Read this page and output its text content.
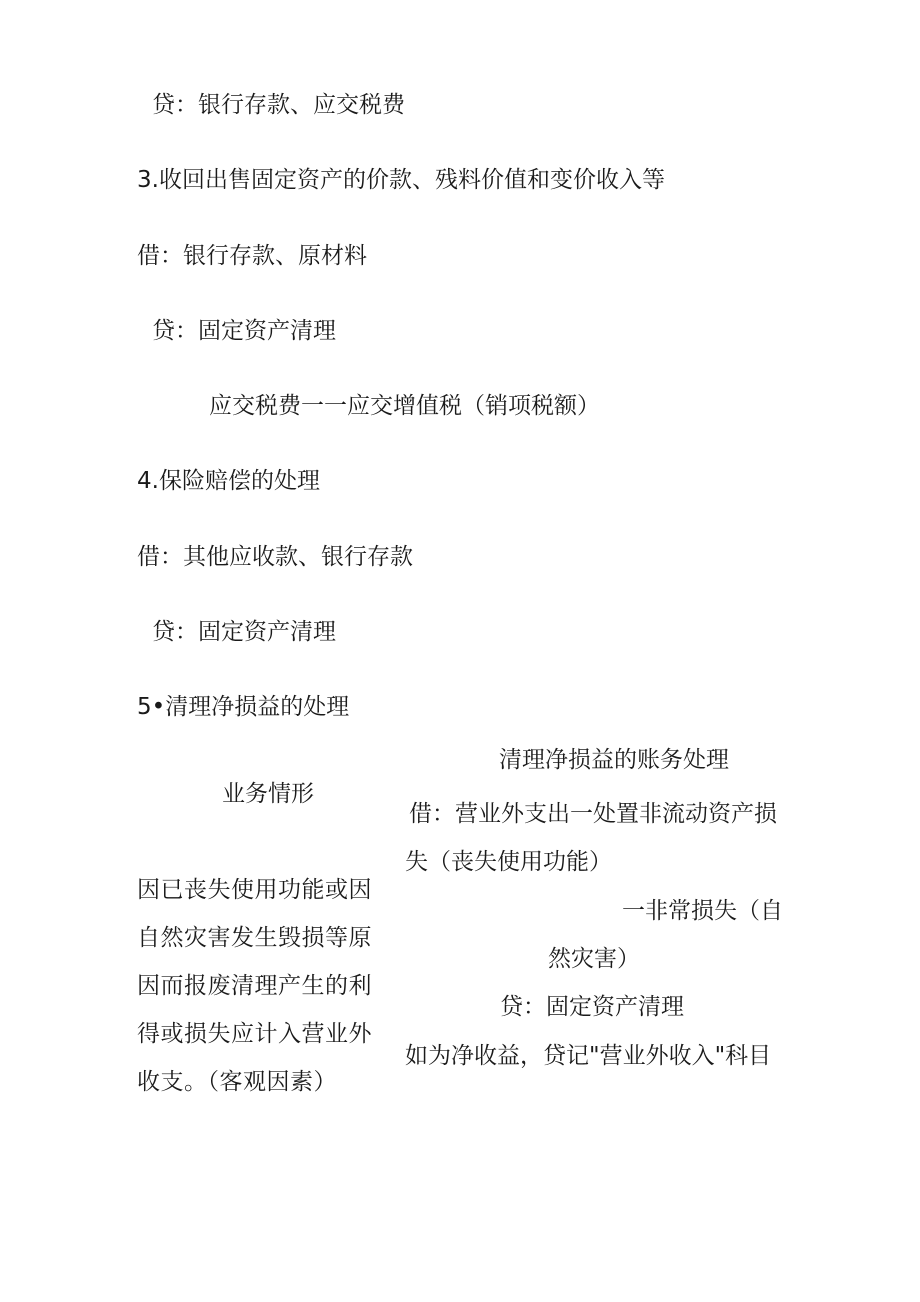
贷：银行存款、应交税费
3.收回出售固定资产的价款、残料价值和变价收入等
借：银行存款、原材料
贷：固定资产清理
应交税费一一应交增值税（销项税额）
4.保险赔偿的处理
借：其他应收款、银行存款
贷：固定资产清理
5•清理净损益的处理
业务情形
清理净损益的账务处理
因已丧失使用功能或因自然灾害发生毁损等原因而报废清理产生的利得或损失应计入营业外收支。（客观因素）
借：营业外支出一处置非流动资产损
失（丧失使用功能）
一非常损失（自
然灾害）
贷：固定资产清理
如为净收益，贷记"营业外收入"科目
